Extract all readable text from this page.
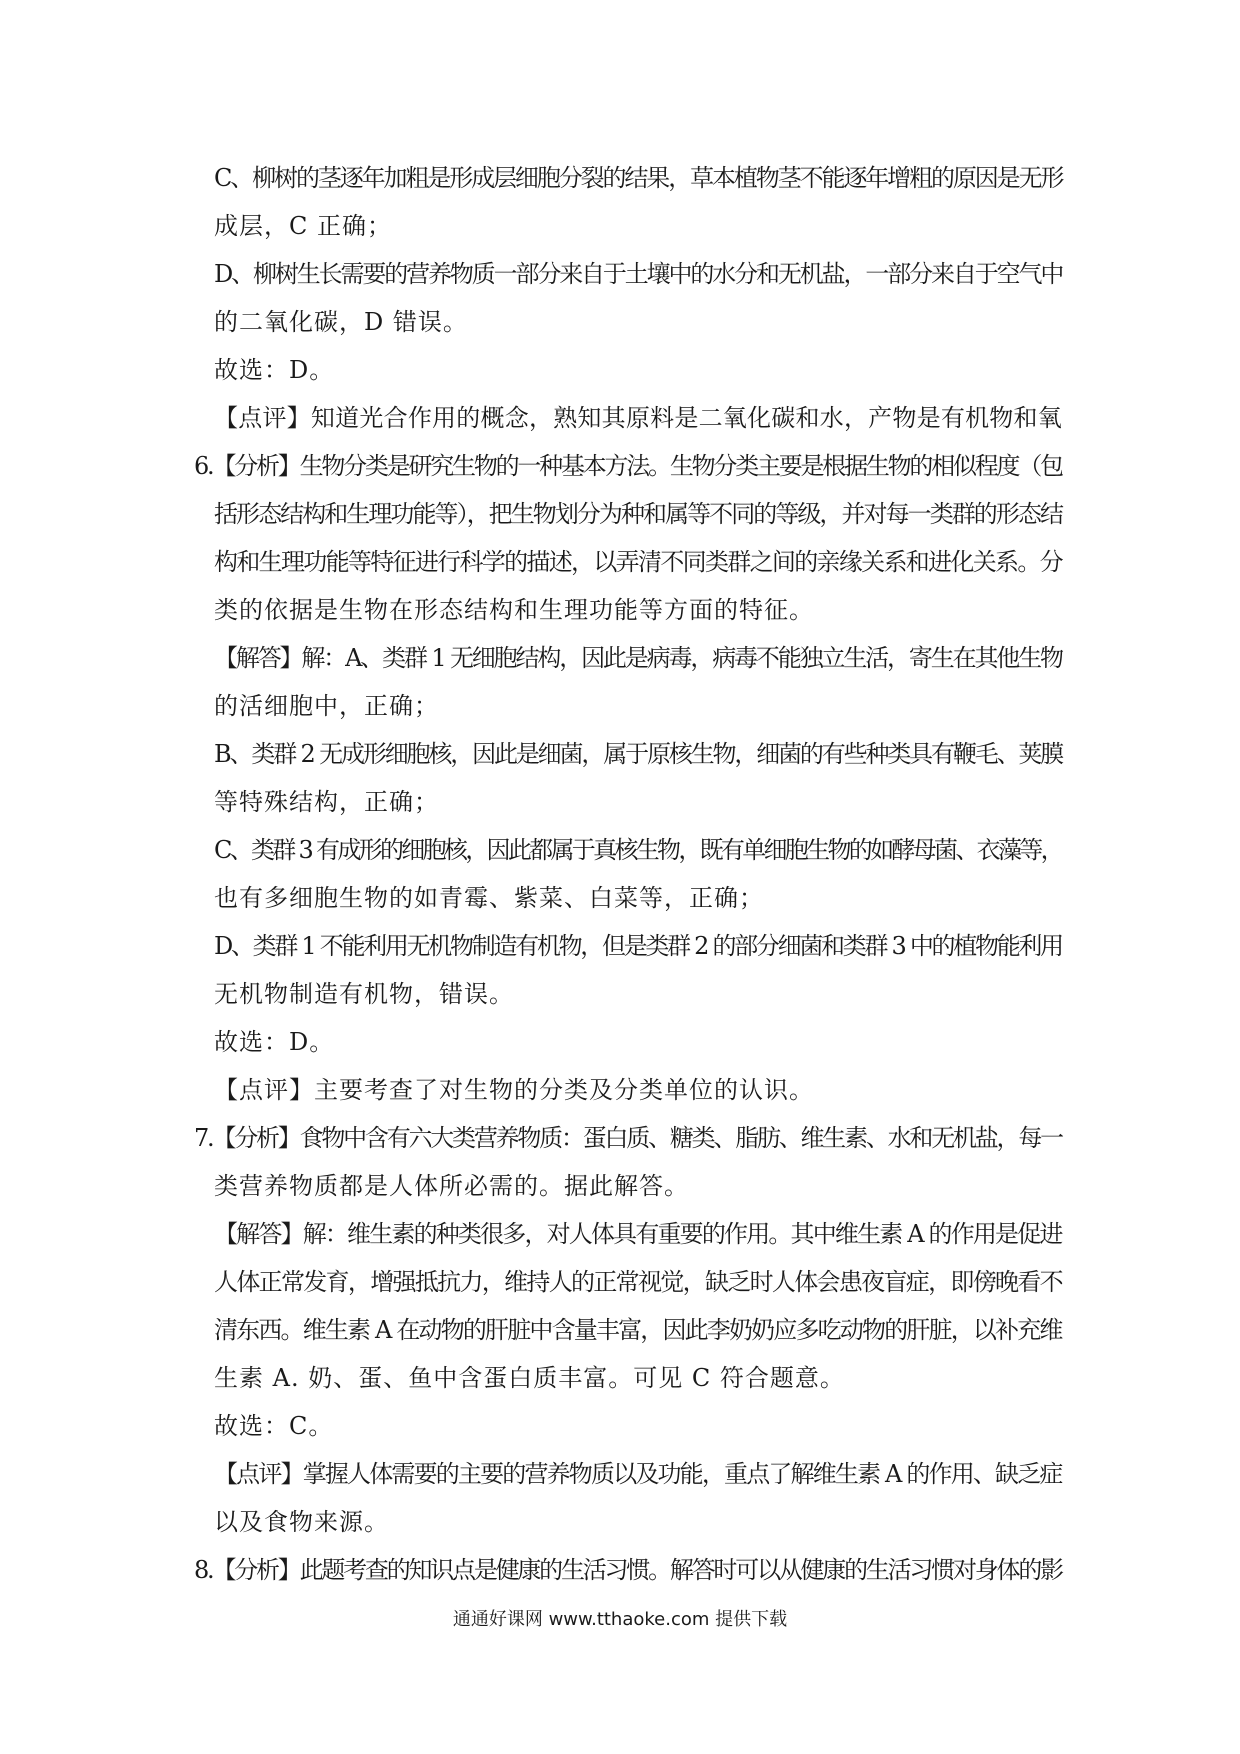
C、柳树的茎逐年加粗是形成层细胞分裂的结果，草本植物茎不能逐年增粗的原因是无形
成层，C 正确；
D、柳树生长需要的营养物质一部分来自于土壤中的水分和无机盐，一部分来自于空气中
的二氧化碳，D 错误。
故选：D。
【点评】知道光合作用的概念，熟知其原料是二氧化碳和水，产物是有机物和氧
6.【分析】生物分类是研究生物的一种基本方法。生物分类主要是根据生物的相似程度（包
括形态结构和生理功能等），把生物划分为种和属等不同的等级，并对每一类群的形态结
构和生理功能等特征进行科学的描述，以弄清不同类群之间的亲缘关系和进化关系。分
类的依据是生物在形态结构和生理功能等方面的特征。
【解答】解：A、类群 1 无细胞结构，因此是病毒，病毒不能独立生活，寄生在其他生物
的活细胞中，正确；
B、类群 2 无成形细胞核，因此是细菌，属于原核生物，细菌的有些种类具有鞭毛、荚膜
等特殊结构，正确；
C、类群 3 有成形的细胞核，因此都属于真核生物，既有单细胞生物的如酵母菌、衣藻等，
也有多细胞生物的如青霉、紫菜、白菜等，正确；
D、类群 1 不能利用无机物制造有机物，但是类群 2 的部分细菌和类群 3 中的植物能利用
无机物制造有机物，错误。
故选：D。
【点评】主要考查了对生物的分类及分类单位的认识。
7.【分析】食物中含有六大类营养物质：蛋白质、糖类、脂肪、维生素、水和无机盐，每一
类营养物质都是人体所必需的。据此解答。
【解答】解：维生素的种类很多，对人体具有重要的作用。其中维生素 A 的作用是促进
人体正常发育，增强抵抗力，维持人的正常视觉，缺乏时人体会患夜盲症，即傍晚看不
清东西。维生素 A 在动物的肝脏中含量丰富，因此李奶奶应多吃动物的肝脏，以补充维
生素 A. 奶、蛋、鱼中含蛋白质丰富。可见 C 符合题意。
故选：C。
【点评】掌握人体需要的主要的营养物质以及功能，重点了解维生素 A 的作用、缺乏症
以及食物来源。
8.【分析】此题考查的知识点是健康的生活习惯。解答时可以从健康的生活习惯对身体的影
通通好课网 www.tthaoke.com 提供下载
